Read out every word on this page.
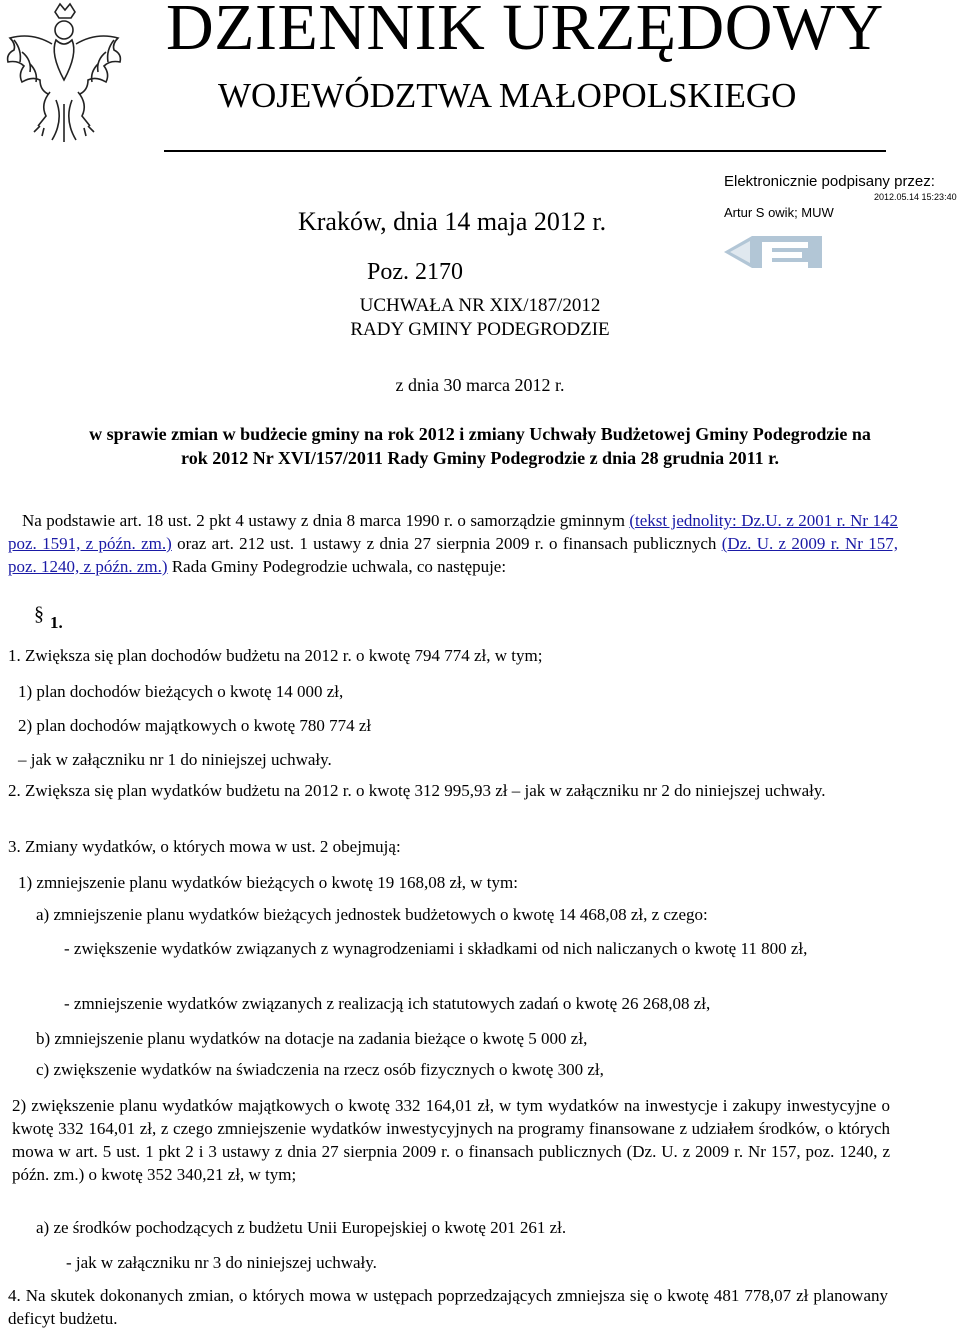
DZIENNIK URZĘDOWY
WOJEWÓDZTWA MAŁOPOLSKIEGO
Elektronicznie podpisany przez:
2012.05.14 15:23:40
Artur S owik; MUW
Kraków, dnia 14 maja 2012 r.
Poz. 2170
UCHWAŁA NR XIX/187/2012
RADY GMINY PODEGRODZIE
z dnia 30 marca 2012 r.
w sprawie zmian w budżecie gminy na rok 2012 i zmiany Uchwały Budżetowej Gminy Podegrodzie na
rok 2012 Nr XVI/157/2011 Rady Gminy Podegrodzie z dnia 28 grudnia 2011 r.
Na podstawie art. 18 ust. 2 pkt 4 ustawy z dnia 8 marca 1990 r. o samorządzie gminnym (tekst jednolity: Dz.U. z 2001 r. Nr 142 poz. 1591, z późn. zm.) oraz art. 212 ust. 1 ustawy z dnia 27 sierpnia 2009 r. o finansach publicznych (Dz. U. z 2009 r. Nr 157, poz. 1240, z późn. zm.) Rada Gminy Podegrodzie uchwala, co następuje:
§ 1.
1. Zwiększa się plan dochodów budżetu na 2012 r. o kwotę 794 774 zł, w tym;
1) plan dochodów bieżących o kwotę 14 000 zł,
2) plan dochodów majątkowych o kwotę 780 774 zł
– jak w załączniku nr 1 do niniejszej uchwały.
2. Zwiększa się plan wydatków budżetu na 2012 r. o kwotę 312 995,93 zł – jak w załączniku nr 2 do niniejszej uchwały.
3. Zmiany wydatków, o których mowa w ust. 2 obejmują:
1) zmniejszenie planu wydatków bieżących o kwotę 19 168,08 zł, w tym:
a) zmniejszenie planu wydatków bieżących jednostek budżetowych o kwotę 14 468,08 zł, z czego:
- zwiększenie wydatków związanych z wynagrodzeniami i składkami od nich naliczanych o kwotę 11 800 zł,
- zmniejszenie wydatków związanych z realizacją ich statutowych zadań o kwotę 26 268,08 zł,
b) zmniejszenie planu wydatków na dotacje na zadania bieżące o kwotę 5 000 zł,
c) zwiększenie wydatków na świadczenia na rzecz osób fizycznych o kwotę 300 zł,
2) zwiększenie planu wydatków majątkowych o kwotę 332 164,01 zł, w tym wydatków na inwestycje i zakupy inwestycyjne o kwotę 332 164,01 zł, z czego zmniejszenie wydatków inwestycyjnych na programy finansowane z udziałem środków, o których mowa w art. 5 ust. 1 pkt 2 i 3 ustawy z dnia 27 sierpnia 2009 r. o finansach publicznych (Dz. U. z 2009 r. Nr 157, poz. 1240, z późn. zm.) o kwotę 352 340,21 zł, w tym;
a) ze środków pochodzących z budżetu Unii Europejskiej o kwotę 201 261 zł.
- jak w załączniku nr 3 do niniejszej uchwały.
4. Na skutek dokonanych zmian, o których mowa w ustępach poprzedzających zmniejsza się o kwotę 481 778,07 zł planowany deficyt budżetu.
